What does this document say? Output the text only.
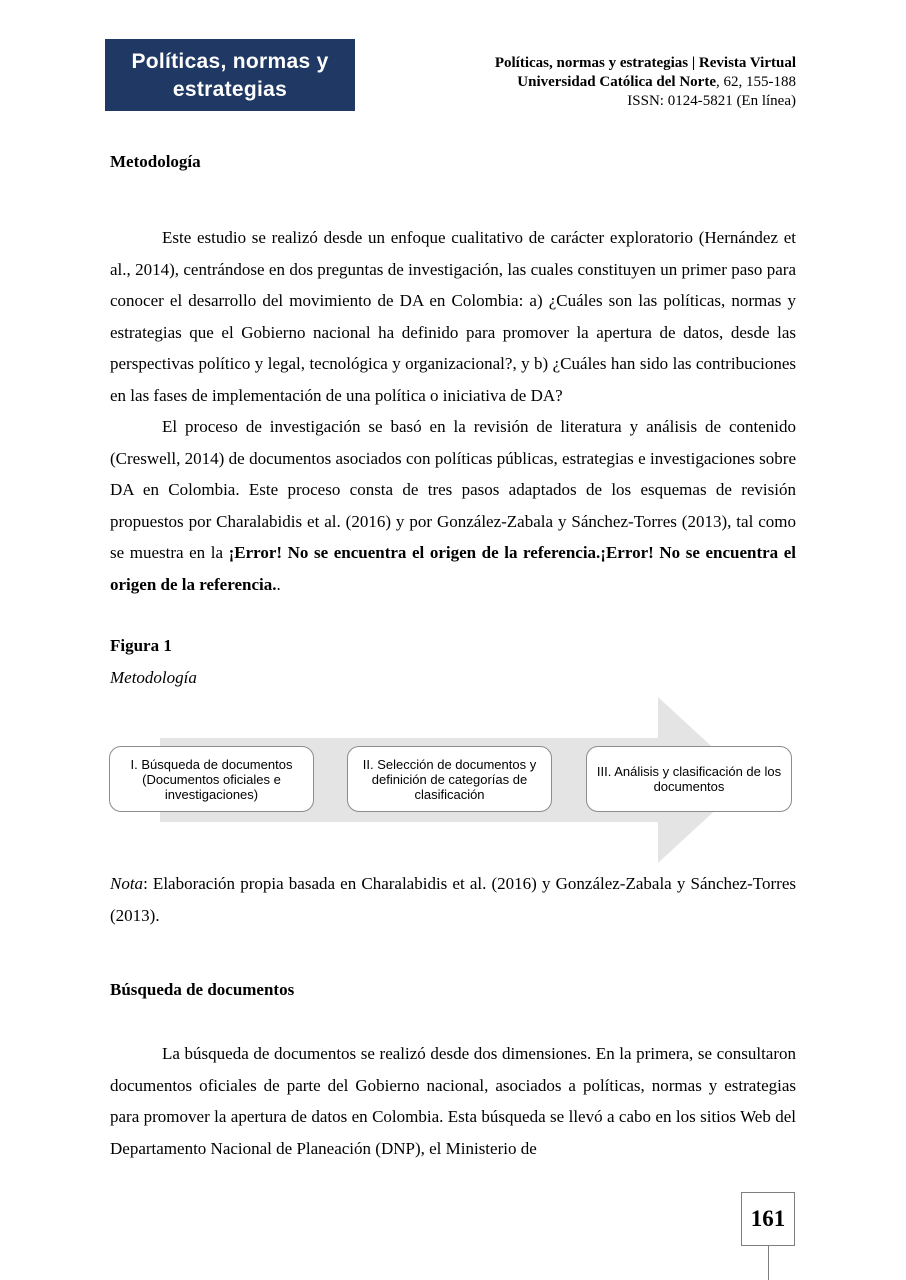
Políticas, normas y
estrategias
Políticas, normas y estrategias | Revista Virtual
Universidad Católica del Norte, 62, 155-188
ISSN: 0124-5821 (En línea)
Metodología

Este estudio se realizó desde un enfoque cualitativo de carácter exploratorio (Hernández et al., 2014), centrándose en dos preguntas de investigación, las cuales constituyen un primer paso para conocer el desarrollo del movimiento de DA en Colombia: a) ¿Cuáles son las políticas, normas y estrategias que el Gobierno nacional ha definido para promover la apertura de datos, desde las perspectivas político y legal, tecnológica y organizacional?, y b) ¿Cuáles han sido las contribuciones en las fases de implementación de una política o iniciativa de DA?

El proceso de investigación se basó en la revisión de literatura y análisis de contenido (Creswell, 2014) de documentos asociados con políticas públicas, estrategias e investigaciones sobre DA en Colombia. Este proceso consta de tres pasos adaptados de los esquemas de revisión propuestos por Charalabidis et al. (2016) y por González-Zabala y Sánchez-Torres (2013), tal como se muestra en la ¡Error! No se encuentra el origen de la referencia.¡Error! No se encuentra el origen de la referencia..

Figura 1
Metodología
I. Búsqueda de documentos (Documentos oficiales e investigaciones)
II. Selección de documentos y definición de categorías de clasificación
III. Análisis y clasificación de los documentos

Nota: Elaboración propia basada en Charalabidis et al. (2016) y González-Zabala y Sánchez-Torres (2013).

Búsqueda de documentos

La búsqueda de documentos se realizó desde dos dimensiones. En la primera, se consultaron documentos oficiales de parte del Gobierno nacional, asociados a políticas, normas y estrategias para promover la apertura de datos en Colombia. Esta búsqueda se llevó a cabo en los sitios Web del Departamento Nacional de Planeación (DNP), el Ministerio de

161
